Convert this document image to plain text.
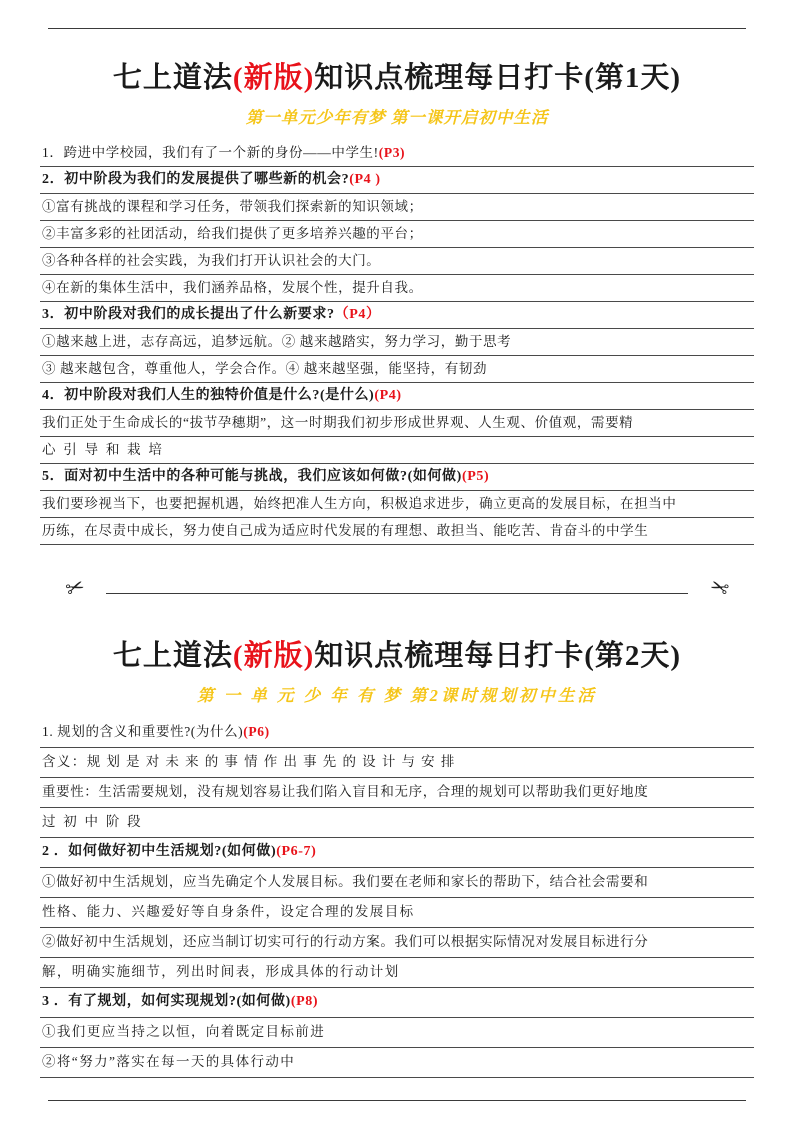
七上道法(新版)知识点梳理每日打卡(第1天)
第一单元少年有梦 第一课开启初中生活
1．跨进中学校园，我们有了一个新的身份——中学生!(P3)
2．初中阶段为我们的发展提供了哪些新的机会?(P4 )
①富有挑战的课程和学习任务，带领我们探索新的知识领域；
②丰富多彩的社团活动，给我们提供了更多培养兴趣的平台；
③各种各样的社会实践，为我们打开认识社会的大门。
④在新的集体生活中，我们涵养品格，发展个性，提升自我。
3．初中阶段对我们的成长提出了什么新要求?（P4）
①越来越上进，志存高远，追梦远航。② 越来越踏实，努力学习，勤于思考
③ 越来越包含，尊重他人，学会合作。④ 越来越坚强，能坚持，有韧劲
4．初中阶段对我们人生的独特价值是什么?(是什么)(P4)
我们正处于生命成长的“拔节孕穗期”，这一时期我们初步形成世界观、人生观、价值观，需要精
心 引 导 和 栽 培
5．面对初中生活中的各种可能与挑战，我们应该如何做?(如何做)(P5)
我们要珍视当下，也要把握机遇，始终把准人生方向，积极追求进步，确立更高的发展目标，在担当中
历练，在尽责中成长，努力使自己成为适应时代发展的有理想、敢担当、能吃苦、肯奋斗的中学生
✂	✂
七上道法(新版)知识点梳理每日打卡(第2天)
第 一 单 元 少 年 有 梦 第2课时规划初中生活
1. 规划的含义和重要性?(为什么)(P6)
含义：规 划 是 对 未 来 的 事 情 作 出 事 先 的 设 计 与 安 排
重要性：生活需要规划，没有规划容易让我们陷入盲目和无序，合理的规划可以帮助我们更好地度
过 初 中 阶 段
2 ．如何做好初中生活规划?(如何做)(P6-7)
①做好初中生活规划，应当先确定个人发展目标。我们要在老师和家长的帮助下，结合社会需要和
性格、能力、兴趣爱好等自身条件，设定合理的发展目标
②做好初中生活规划，还应当制订切实可行的行动方案。我们可以根据实际情况对发展目标进行分
解，明确实施细节，列出时间表，形成具体的行动计划
3 ．有了规划，如何实现规划?(如何做)(P8)
①我们更应当持之以恒，向着既定目标前进
②将“努力”落实在每一天的具体行动中
